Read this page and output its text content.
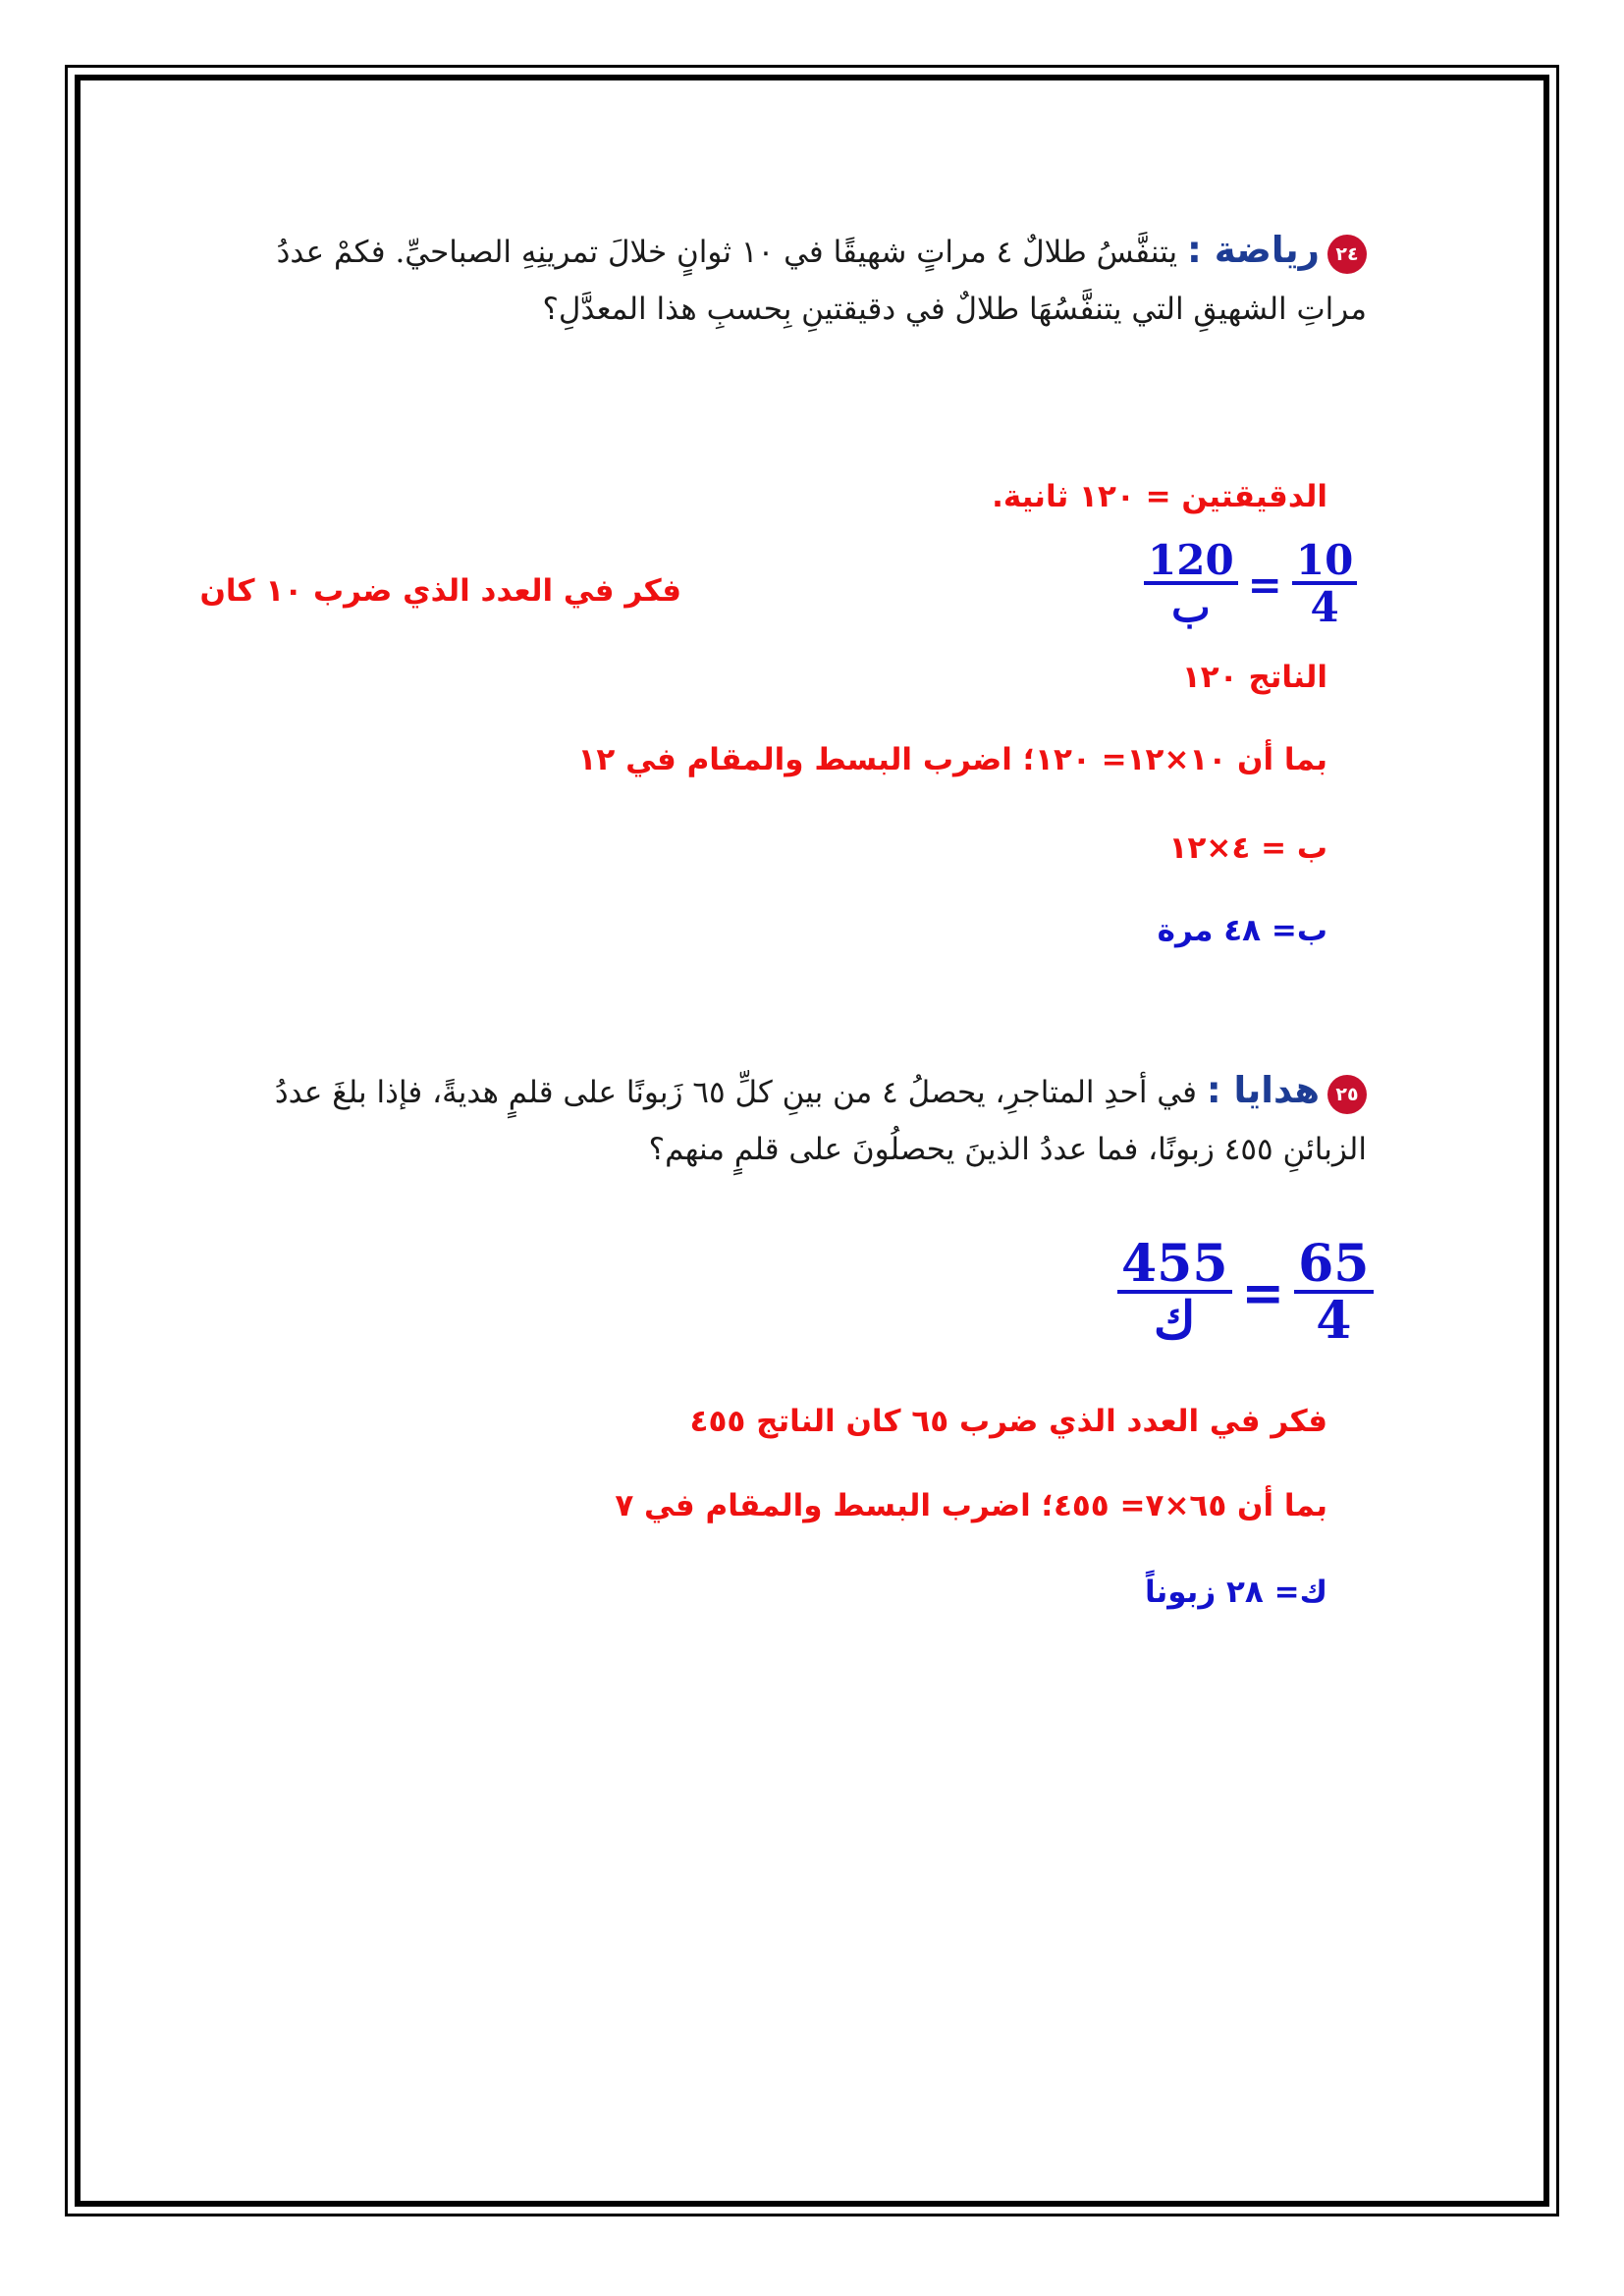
٢٤رياضة : يتنفَّسُ طلالٌ ٤ مراتٍ شهيقًا في ١٠ ثوانٍ خلالَ تمرينِهِ الصباحيِّ. فكمْ عددُ
مراتِ الشهيقِ التي يتنفَّسُهَا طلالٌ في دقيقتينِ بِحسبِ هذا المعدَّلِ؟
الدقيقتين = ١٢٠ ثانية.
$\frac{120}{\text{ب}} = \frac{10}{4}$
فكر في العدد الذي ضرب ١٠ كان
الناتج ١٢٠
بما أن ١٠×١٢= ١٢٠؛ اضرب البسط والمقام في ١٢
ب = ٤×١٢
ب= ٤٨ مرة
٢٥هدايا : في أحدِ المتاجرِ، يحصلُ ٤ من بينِ كلِّ ٦٥ زَبونًا على قلمٍ هديةً، فإذا بلغَ عددُ
الزبائنِ ٤٥٥ زبونًا، فما عددُ الذينَ يحصلُونَ على قلمٍ منهم؟
$\frac{455}{\text{ك}} = \frac{65}{4}$
فكر في العدد الذي ضرب ٦٥ كان الناتج ٤٥٥
بما أن ٦٥×٧= ٤٥٥؛ اضرب البسط والمقام في ٧
ك= ٢٨ زبوناً
